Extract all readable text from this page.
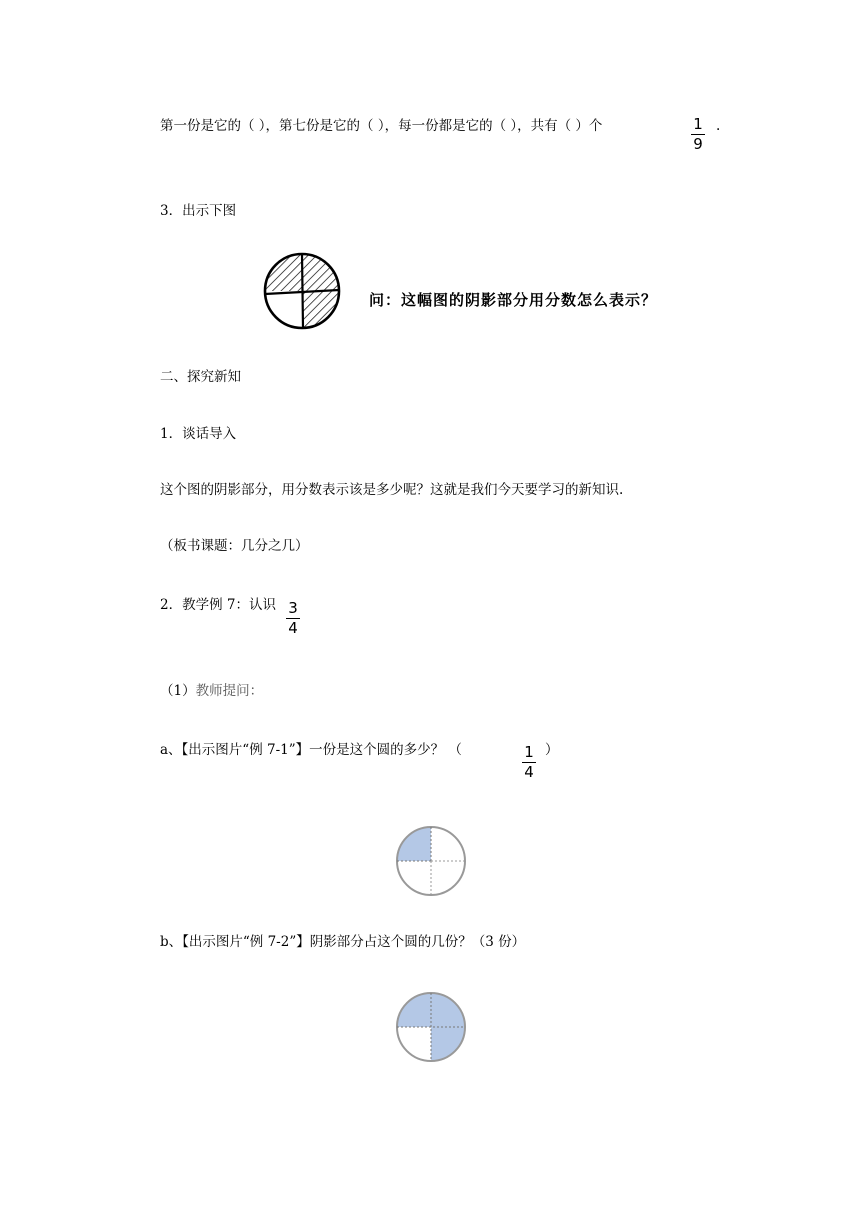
第一份是它的（ ），第七份是它的（ ），每一份都是它的（ ），共有（ ）个	1
9
.
3．出示下图
问：这幅图的阴影部分用分数怎么表示？
二、探究新知
1．谈话导入
这个图的阴影部分，用分数表示该是多少呢？这就是我们今天要学习的新知识.
（板书课题：几分之几）
2．教学例 7：认识 3
4
（1）教师提问：
a、【出示图片“例 7-1”】一份是这个圆的多少？ （	1
4
）
b、【出示图片“例 7-2”】阴影部分占这个圆的几份？（3 份）
